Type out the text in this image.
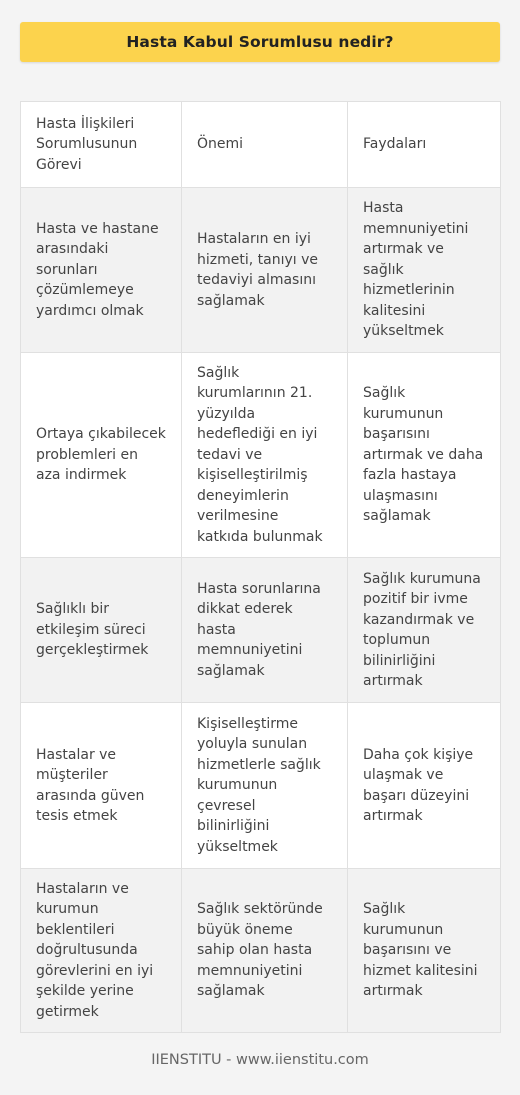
Hasta Kabul Sorumlusu nedir?
Hasta İlişkileri Sorumlusunun Görevi	Önemi	Faydaları
Hasta ve hastane arasındaki sorunları çözümlemeye yardımcı olmak	Hastaların en iyi hizmeti, tanıyı ve tedaviyi almasını sağlamak	Hasta memnuniyetini artırmak ve sağlık hizmetlerinin kalitesini yükseltmek
Ortaya çıkabilecek problemleri en aza indirmek	Sağlık kurumlarının 21. yüzyılda hedeflediği en iyi tedavi ve kişiselleştirilmiş deneyimlerin verilmesine katkıda bulunmak	Sağlık kurumunun başarısını artırmak ve daha fazla hastaya ulaşmasını sağlamak
Sağlıklı bir etkileşim süreci gerçekleştirmek	Hasta sorunlarına dikkat ederek hasta memnuniyetini sağlamak	Sağlık kurumuna pozitif bir ivme kazandırmak ve toplumun bilinirliğini artırmak
Hastalar ve müşteriler arasında güven tesis etmek	Kişiselleştirme yoluyla sunulan hizmetlerle sağlık kurumunun çevresel bilinirliğini yükseltmek	Daha çok kişiye ulaşmak ve başarı düzeyini artırmak
Hastaların ve kurumun beklentileri doğrultusunda görevlerini en iyi şekilde yerine getirmek	Sağlık sektöründe büyük öneme sahip olan hasta memnuniyetini sağlamak	Sağlık kurumunun başarısını ve hizmet kalitesini artırmak
IIENSTITU - www.iienstitu.com
